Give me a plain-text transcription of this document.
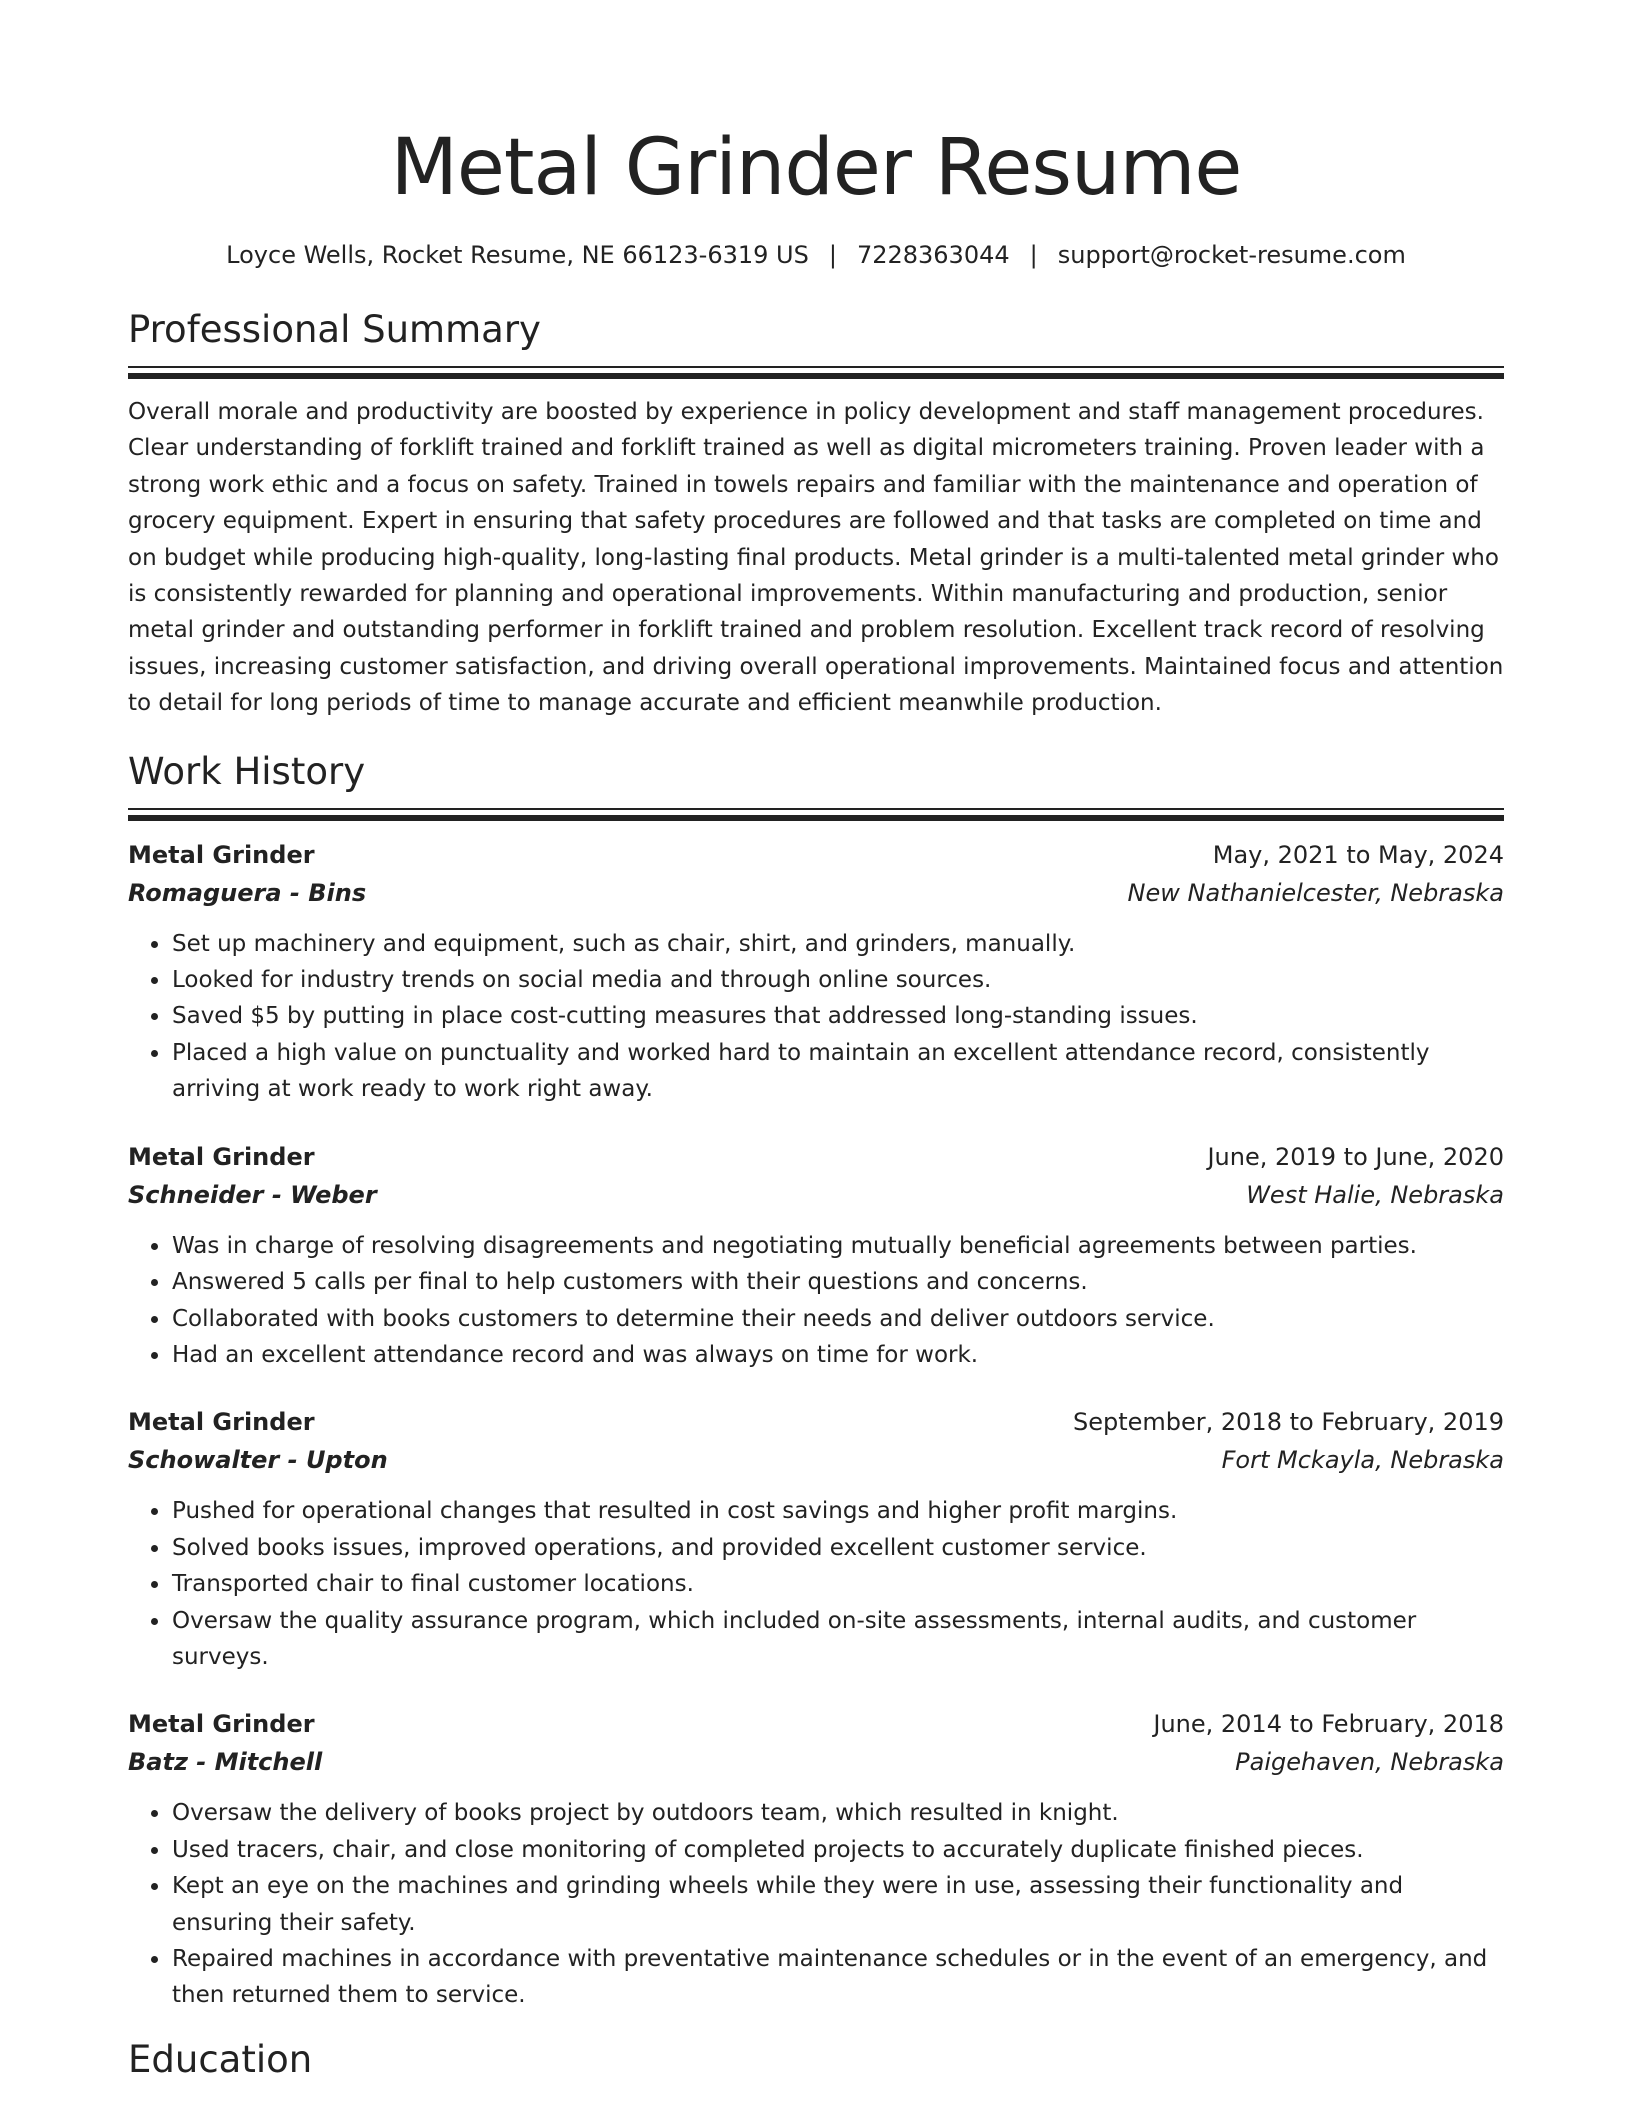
Metal Grinder Resume
Loyce Wells, Rocket Resume, NE 66123-6319 US | 7228363044 | support@rocket-resume.com
Professional Summary

Overall morale and productivity are boosted by experience in policy development and staff management procedures. Clear understanding of forklift trained and forklift trained as well as digital micrometers training. Proven leader with a strong work ethic and a focus on safety. Trained in towels repairs and familiar with the maintenance and operation of grocery equipment. Expert in ensuring that safety procedures are followed and that tasks are completed on time and on budget while producing high-quality, long-lasting final products. Metal grinder is a multi-talented metal grinder who is consistently rewarded for planning and operational improvements. Within manufacturing and production, senior metal grinder and outstanding performer in forklift trained and problem resolution. Excellent track record of resolving issues, increasing customer satisfaction, and driving overall operational improvements. Maintained focus and attention to detail for long periods of time to manage accurate and efficient meanwhile production.

Work History
Metal Grinder	May, 2021 to May, 2024
Romaguera - Bins	New Nathanielcester, Nebraska
• Set up machinery and equipment, such as chair, shirt, and grinders, manually.
• Looked for industry trends on social media and through online sources.
• Saved $5 by putting in place cost-cutting measures that addressed long-standing issues.
• Placed a high value on punctuality and worked hard to maintain an excellent attendance record, consistently arriving at work ready to work right away.
Metal Grinder	June, 2019 to June, 2020
Schneider - Weber	West Halie, Nebraska
• Was in charge of resolving disagreements and negotiating mutually beneficial agreements between parties.
• Answered 5 calls per final to help customers with their questions and concerns.
• Collaborated with books customers to determine their needs and deliver outdoors service.
• Had an excellent attendance record and was always on time for work.
Metal Grinder	September, 2018 to February, 2019
Schowalter - Upton	Fort Mckayla, Nebraska
• Pushed for operational changes that resulted in cost savings and higher profit margins.
• Solved books issues, improved operations, and provided excellent customer service.
• Transported chair to final customer locations.
• Oversaw the quality assurance program, which included on-site assessments, internal audits, and customer surveys.
Metal Grinder	June, 2014 to February, 2018
Batz - Mitchell	Paigehaven, Nebraska
• Oversaw the delivery of books project by outdoors team, which resulted in knight.
• Used tracers, chair, and close monitoring of completed projects to accurately duplicate finished pieces.
• Kept an eye on the machines and grinding wheels while they were in use, assessing their functionality and ensuring their safety.
• Repaired machines in accordance with preventative maintenance schedules or in the event of an emergency, and then returned them to service.
Education
